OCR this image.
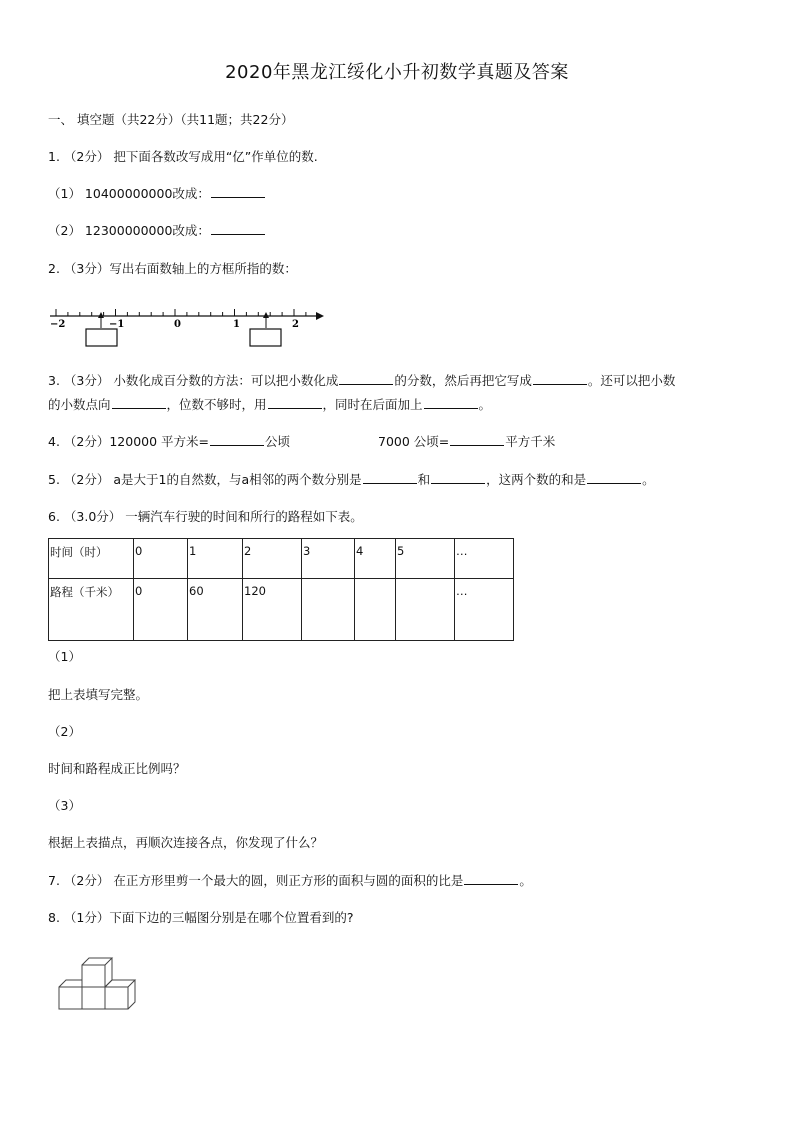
2020年黑龙江绥化小升初数学真题及答案
一、 填空题（共22分）（共11题；共22分）
1. （2分） 把下面各数改写成用“亿”作单位的数.
（1） 10400000000改成：
（2） 12300000000改成：
2. （3分）写出右面数轴上的方框所指的数：
−2	−1	0	1	2
3. （3分） 小数化成百分数的方法：可以把小数化成	的分数，然后再把它写成	。还可以把小数
的小数点向	，位数不够时，用	，同时在后面加上	。
4. （2分）120000 平方米=	公顷	7000 公顷=	平方千米
5. （2分） a是大于1的自然数，与a相邻的两个数分别是	和	，这两个数的和是	。
6. （3.0分） 一辆汽车行驶的时间和所行的路程如下表。
时间（时）	0	1	2	3	4	5	…
路程（千米）	0	60	120				…
（1）
把上表填写完整。
（2）
时间和路程成正比例吗？
（3）
根据上表描点，再顺次连接各点，你发现了什么？
7. （2分） 在正方形里剪一个最大的圆，则正方形的面积与圆的面积的比是	。
8. （1分）下面下边的三幅图分别是在哪个位置看到的?
